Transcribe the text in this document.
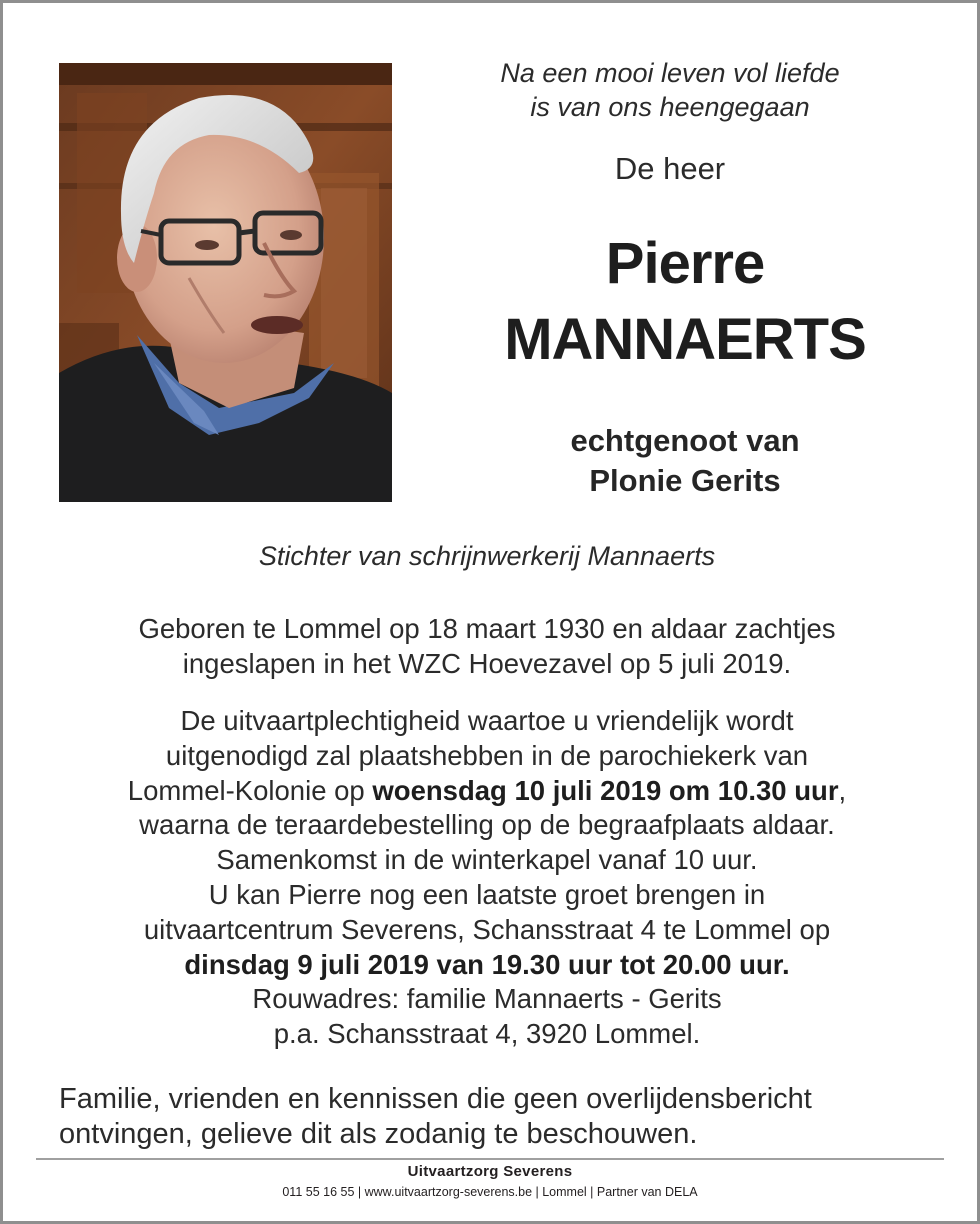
Na een mooi leven vol liefde
is van ons heengegaan
De heer
Pierre
MANNAERTS
echtgenoot van
Plonie Gerits
Stichter van schrijnwerkerij Mannaerts
Geboren te Lommel op 18 maart 1930 en aldaar zachtjes
ingeslapen in het WZC Hoevezavel op 5 juli 2019.
De uitvaartplechtigheid waartoe u vriendelijk wordt
uitgenodigd zal plaatshebben in de parochiekerk van
Lommel-Kolonie op woensdag 10 juli 2019 om 10.30 uur,
waarna de teraardebestelling op de begraafplaats aldaar.
Samenkomst in de winterkapel vanaf 10 uur.
U kan Pierre nog een laatste groet brengen in
uitvaartcentrum Severens, Schansstraat 4 te Lommel op
dinsdag 9 juli 2019 van 19.30 uur tot 20.00 uur.
Rouwadres: familie Mannaerts - Gerits
p.a. Schansstraat 4, 3920 Lommel.
Familie, vrienden en kennissen die geen overlijdensbericht
ontvingen, gelieve dit als zodanig te beschouwen.
Uitvaartzorg Severens
011 55 16 55 | www.uitvaartzorg-severens.be | Lommel | Partner van DELA
